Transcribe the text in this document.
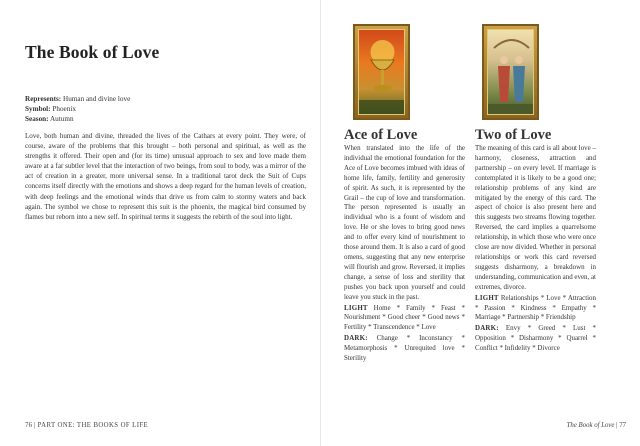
The Book of Love
Represents: Human and divine love
Symbol: Phoenix
Season: Autumn

Love, both human and divine, threaded the lives of the Cathars at every point. They were, of course, aware of the problems that this brought – both personal and spiritual, as well as the strengths it offered. Their open and (for its time) unusual approach to sex and love made them aware at a far subtler level that the interaction of two beings, from soul to body, was a mirror of the act of creation in a greater, more universal sense. In a traditional tarot deck the Suit of Cups concerns itself directly with the emotions and shows a deep regard for the human levels of creation, with deep feelings and the emotional winds that drive us from calm to stormy waters and back again. The symbol we chose to represent this suit is the phoenix, the magical bird consumed by flames but reborn into a new self. In spiritual terms it suggests the rebirth of the soul into light.

76 | PART ONE: THE BOOKS OF LIFE
Ace of Love	Two of Love

When translated into the life of the individual the emotional foundation for the Ace of Love becomes imbued with ideas of home life, family, fertility and generosity of spirit. As such, it is represented by the Grail – the cup of love and transformation. The person represented is usually an individual who is a fount of wisdom and love. He or she loves to bring good news and to offer every kind of nourishment to those around them. It is also a card of good omens, suggesting that any new enterprise will flourish and grow. Reversed, it implies change, a sense of loss and sterility that pushes you back upon yourself and could leave you stuck in the past.

LIGHT Home * Family * Feast * Nourishment * Good cheer * Good news * Fertility * Transcendence * Love

DARK: Change * Inconstancy * Metamorphosis * Unrequited love * Sterility

The meaning of this card is all about love – harmony, closeness, attraction and partnership – on every level. If marriage is contemplated it is likely to be a good one; relationship problems of any kind are mitigated by the energy of this card. The aspect of choice is also present here and this suggests two streams flowing together. Reversed, the card implies a quarrelsome relationship, in which those who were once close are now divided. Whether in personal relationships or work this card reversed suggests disharmony, a breakdown in understanding, communication and even, at extremes, divorce.

LIGHT Relationships * Love * Attraction * Passion * Kindness * Empathy * Marriage * Partnership * Friendship

DARK: Envy * Greed * Lust * Opposition * Disharmony * Quarrel * Conflict * Infidelity * Divorce

The Book of Love | 77
